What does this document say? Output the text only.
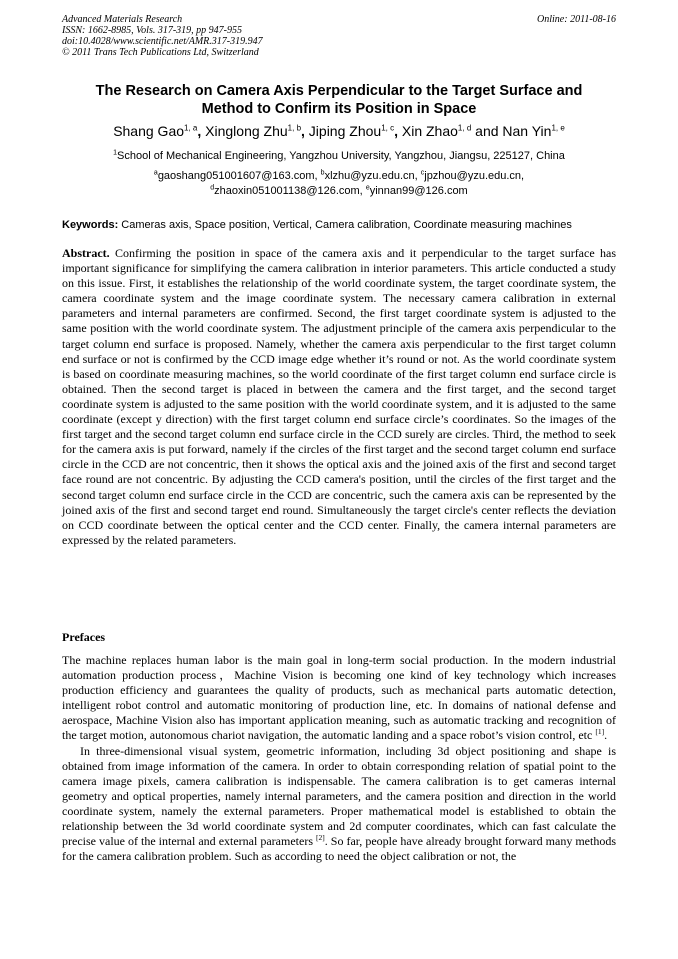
Advanced Materials Research
ISSN: 1662-8985, Vols. 317-319, pp 947-955
doi:10.4028/www.scientific.net/AMR.317-319.947
© 2011 Trans Tech Publications Ltd, Switzerland
Online: 2011-08-16
The Research on Camera Axis Perpendicular to the Target Surface and
Method to Confirm its Position in Space
Shang Gao$^{1, a}$, Xinglong Zhu$^{1, b}$, Jiping Zhou$^{1, c}$, Xin Zhao$^{1, d}$ and Nan Yin$^{1, e}$
$^1$School of Mechanical Engineering, Yangzhou University, Yangzhou, Jiangsu, 225127, China
$^a$gaoshang051001607@163.com, $^b$xlzhu@yzu.edu.cn, $^c$jpzhou@yzu.edu.cn,
$^d$zhaoxin051001138@126.com, $^e$yinnan99@126.com
Keywords: Cameras axis, Space position, Vertical, Camera calibration, Coordinate measuring machines
Abstract. Confirming the position in space of the camera axis and it perpendicular to the target surface has important significance for simplifying the camera calibration in interior parameters. This article conducted a study on this issue. First, it establishes the relationship of the world coordinate system, the target coordinate system, the camera coordinate system and the image coordinate system. The necessary camera calibration in external parameters and internal parameters are confirmed. Second, the first target coordinate system is adjusted to the same position with the world coordinate system. The adjustment principle of the camera axis perpendicular to the target column end surface is proposed. Namely, whether the camera axis perpendicular to the first target column end surface or not is confirmed by the CCD image edge whether it’s round or not. As the world coordinate system is based on coordinate measuring machines, so the world coordinate of the first target column end surface circle is obtained. Then the second target is placed in between the camera and the first target, and the second target coordinate system is adjusted to the same position with the world coordinate system, and it is adjusted to the same coordinate (except y direction) with the first target column end surface circle’s coordinates. So the images of the first target and the second target column end surface circle in the CCD surely are circles. Third, the method to seek for the camera axis is put forward, namely if the circles of the first target and the second target column end surface circle in the CCD are not concentric, then it shows the optical axis and the joined axis of the first and second target face round are not concentric. By adjusting the CCD camera's position, until the circles of the first target and the second target column end surface circle in the CCD are concentric, such the camera axis can be represented by the joined axis of the first and second target end round. Simultaneously the target circle's center reflects the deviation on CCD coordinate between the optical center and the CCD center. Finally, the camera internal parameters are expressed by the related parameters.
Prefaces

The machine replaces human labor is the main goal in long-term social production. In the modern industrial automation production process，Machine Vision is becoming one kind of key technology which increases production efficiency and guarantees the quality of products, such as mechanical parts automatic detection, intelligent robot control and automatic monitoring of production line, etc. In domains of national defense and aerospace, Machine Vision also has important application meaning, such as automatic tracking and recognition of the target motion, autonomous chariot navigation, the automatic landing and a space robot’s vision control, etc [1].

In three-dimensional visual system, geometric information, including 3d object positioning and shape is obtained from image information of the camera. In order to obtain corresponding relation of spatial point to the camera image pixels, camera calibration is indispensable. The camera calibration is to get cameras internal geometry and optical properties, namely internal parameters, and the camera position and direction in the world coordinate system, namely the external parameters. Proper mathematical model is established to obtain the relationship between the 3d world coordinate system and 2d computer coordinates, which can fast calculate the precise value of the internal and external parameters [2]. So far, people have already brought forward many methods for the camera calibration problem. Such as according to need the object calibration or not, the
